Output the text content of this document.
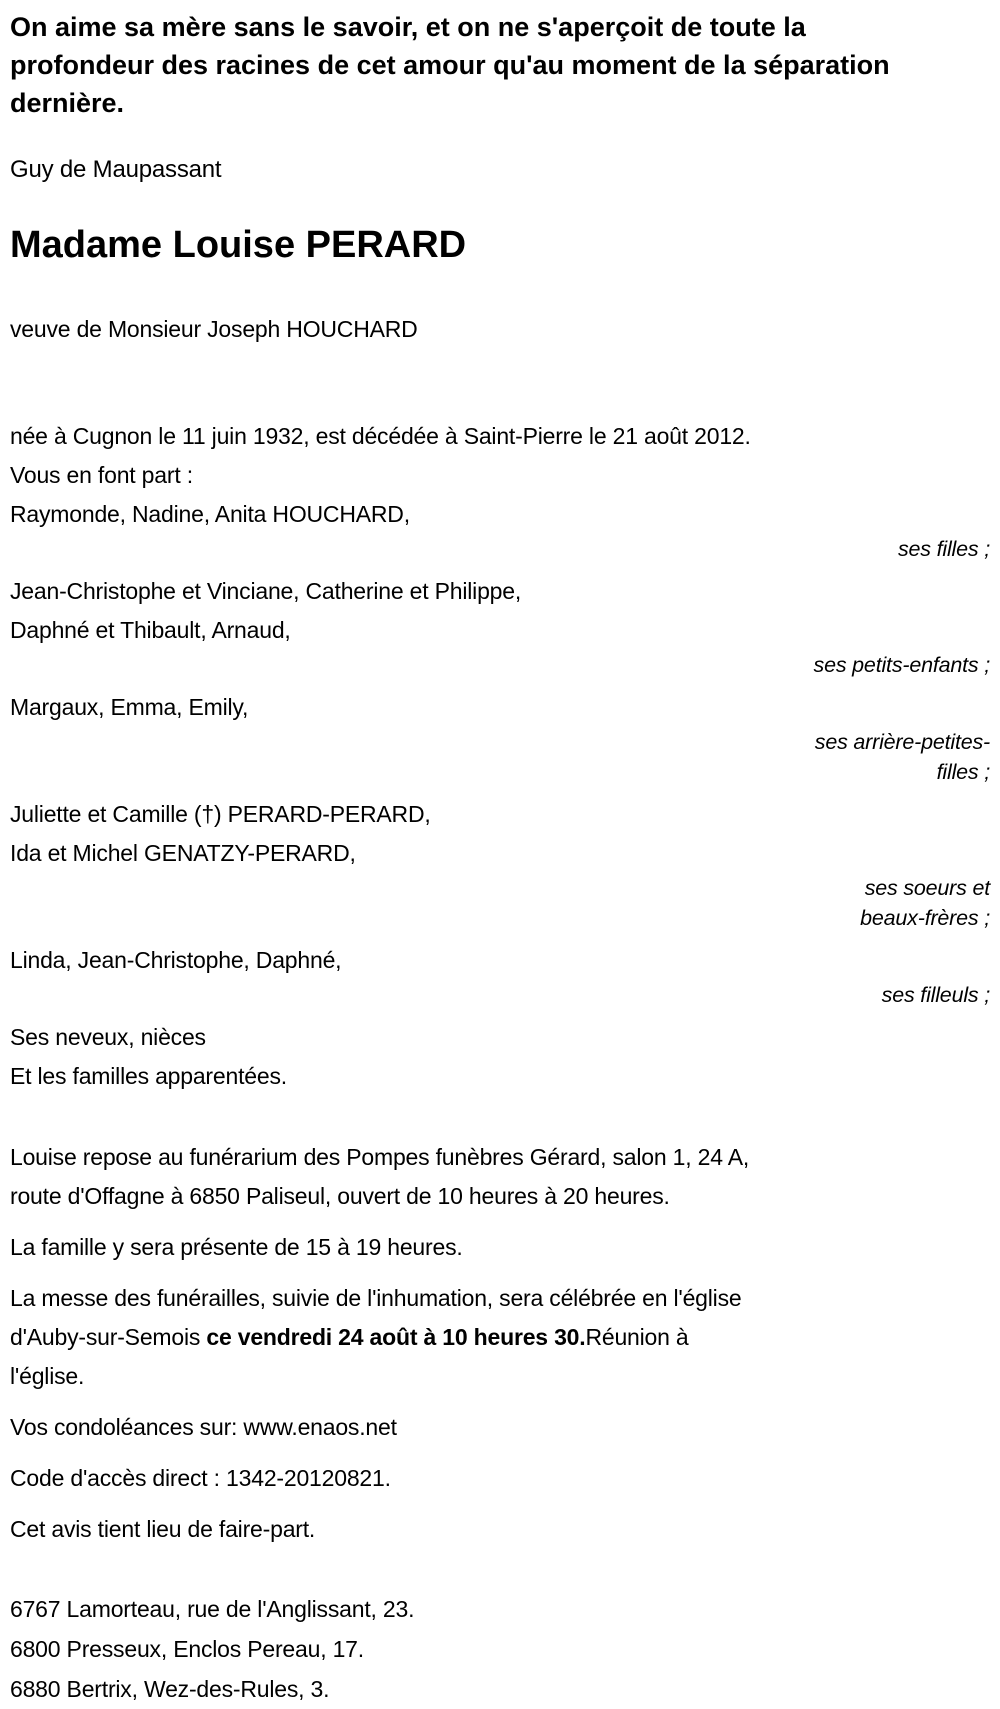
On aime sa mère sans le savoir, et on ne s'aperçoit de toute la
profondeur des racines de cet amour qu'au moment de la séparation
dernière.
Guy de Maupassant
Madame Louise PERARD
veuve de Monsieur Joseph HOUCHARD
née à Cugnon le 11 juin 1932, est décédée à Saint-Pierre le 21 août 2012.
Vous en font part :
Raymonde, Nadine, Anita HOUCHARD,
ses filles ;
Jean-Christophe et Vinciane, Catherine et Philippe,
Daphné et Thibault, Arnaud,
ses petits-enfants ;
Margaux, Emma, Emily,
ses arrière-petites-
filles ;
Juliette et Camille (†) PERARD-PERARD,
Ida et Michel GENATZY-PERARD,
ses soeurs et
beaux-frères ;
Linda, Jean-Christophe, Daphné,
ses filleuls ;
Ses neveux, nièces
Et les familles apparentées.

Louise repose au funérarium des Pompes funèbres Gérard, salon 1, 24 A,
route d'Offagne à 6850 Paliseul, ouvert de 10 heures à 20 heures.

La famille y sera présente de 15 à 19 heures.

La messe des funérailles, suivie de l'inhumation, sera célébrée en l'église
d'Auby-sur-Semois ce vendredi 24 août à 10 heures 30.Réunion à
l'église.

Vos condoléances sur: www.enaos.net

Code d'accès direct : 1342-20120821.

Cet avis tient lieu de faire-part.

6767 Lamorteau, rue de l'Anglissant, 23.
6800 Presseux, Enclos Pereau, 17.
6880 Bertrix, Wez-des-Rules, 3.
